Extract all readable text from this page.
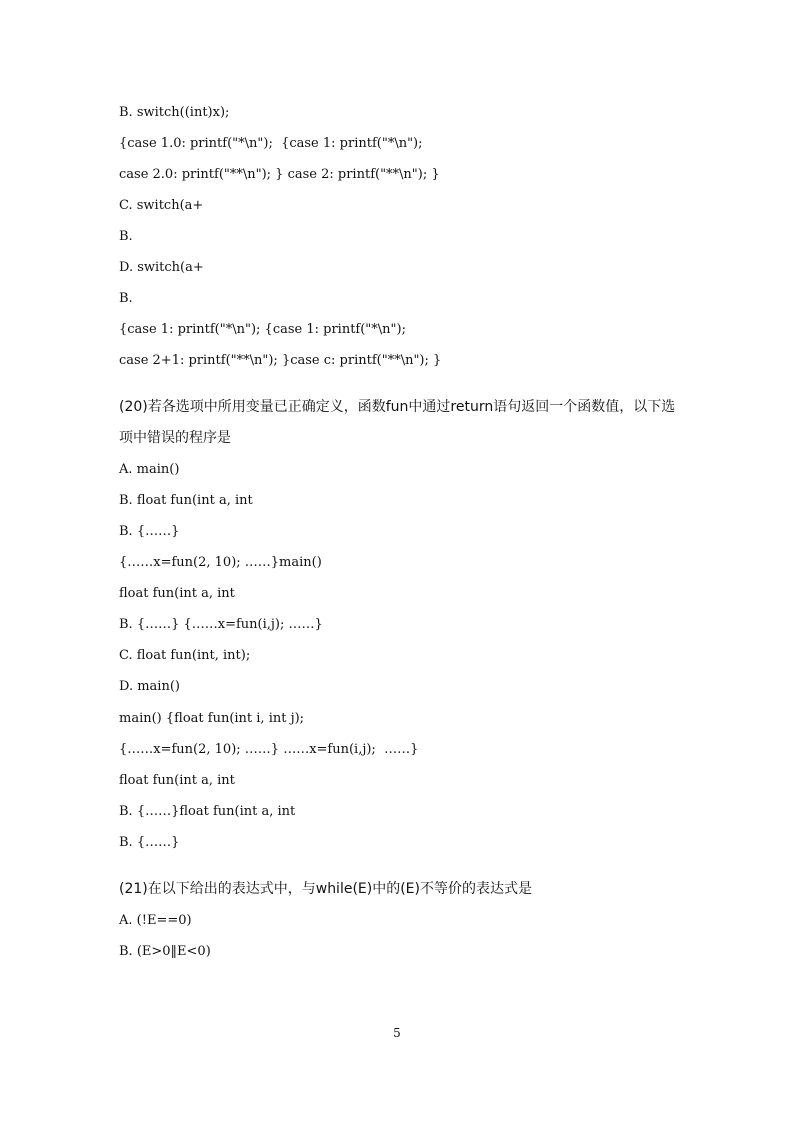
B. switch((int)x);
{case 1.0: printf("*\n");  {case 1: printf("*\n");
case 2.0: printf("**\n"); } case 2: printf("**\n"); }
C. switch(a+
B.
D. switch(a+
B.
{case 1: printf("*\n"); {case 1: printf("*\n");
case 2+1: printf("**\n"); }case c: printf("**\n"); }
(20)若各选项中所用变量已正确定义，函数fun中通过return语句返回一个函数值，以下选
项中错误的程序是
A. main()
B. float fun(int a, int
B. {……}
{……x=fun(2, 10); ……}main()
float fun(int a, int
B. {……} {……x=fun(i,j); ……}
C. float fun(int, int);
D. main()
main() {float fun(int i, int j);
{……x=fun(2, 10); ……} ……x=fun(i,j);  ……}
float fun(int a, int
B. {……}float fun(int a, int
B. {……}
(21)在以下给出的表达式中，与while(E)中的(E)不等价的表达式是
A. (!E==0)
B. (E>0‖E<0)
5
